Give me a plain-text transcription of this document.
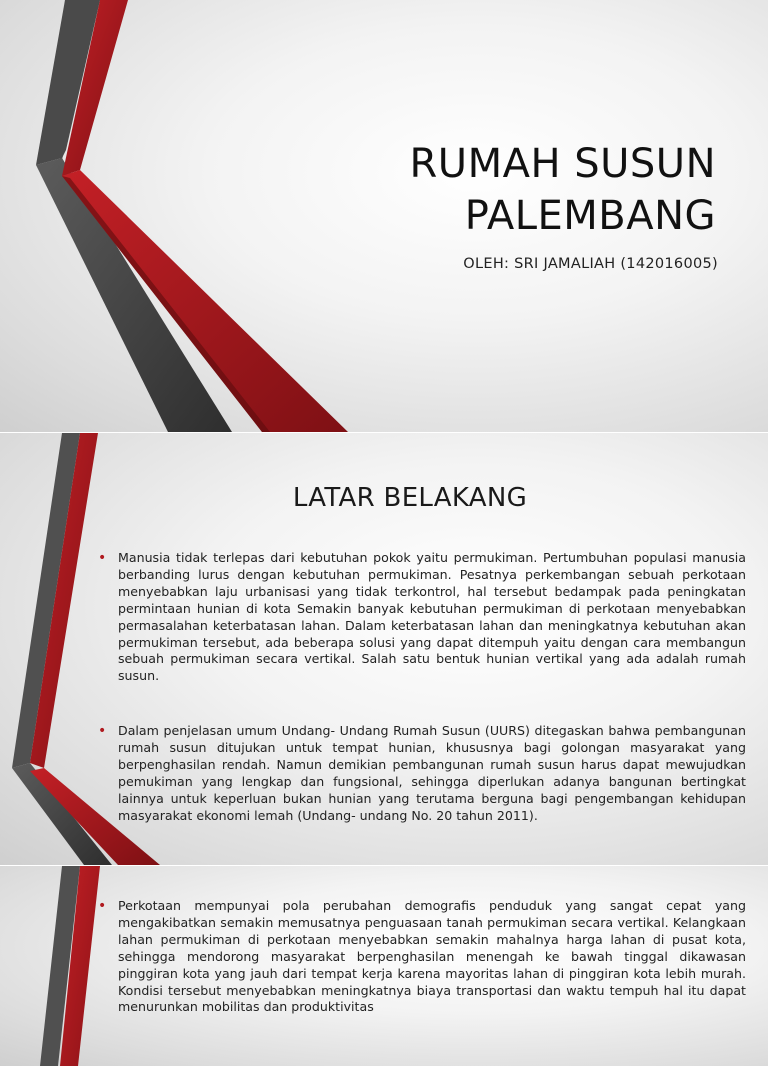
RUMAH SUSUN
PALEMBANG
OLEH: SRI JAMALIAH (142016005)
LATAR BELAKANG
• Manusia tidak terlepas dari kebutuhan pokok yaitu permukiman. Pertumbuhan populasi manusia berbanding lurus dengan kebutuhan permukiman. Pesatnya perkembangan sebuah perkotaan menyebabkan laju urbanisasi yang tidak terkontrol, hal tersebut bedampak pada peningkatan permintaan hunian di kota Semakin banyak kebutuhan permukiman di perkotaan menyebabkan permasalahan keterbatasan lahan. Dalam keterbatasan lahan dan meningkatnya kebutuhan akan permukiman tersebut, ada beberapa solusi yang dapat ditempuh yaitu dengan cara membangun sebuah permukiman secara vertikal. Salah satu bentuk hunian vertikal yang ada adalah rumah susun.

• Dalam penjelasan umum Undang- Undang Rumah Susun (UURS) ditegaskan bahwa pembangunan rumah susun ditujukan untuk tempat hunian, khususnya bagi golongan masyarakat yang berpenghasilan rendah. Namun demikian pembangunan rumah susun harus dapat mewujudkan pemukiman yang lengkap dan fungsional, sehingga diperlukan adanya bangunan bertingkat lainnya untuk keperluan bukan hunian yang terutama berguna bagi pengembangan kehidupan masyarakat ekonomi lemah (Undang- undang No. 20 tahun 2011).

• Perkotaan mempunyai pola perubahan demografis penduduk yang sangat cepat yang mengakibatkan semakin memusatnya penguasaan tanah permukiman secara vertikal. Kelangkaan lahan permukiman di perkotaan menyebabkan semakin mahalnya harga lahan di pusat kota, sehingga mendorong masyarakat berpenghasilan menengah ke bawah tinggal dikawasan pinggiran kota yang jauh dari tempat kerja karena mayoritas lahan di pinggiran kota lebih murah. Kondisi tersebut menyebabkan meningkatnya biaya transportasi dan waktu tempuh hal itu dapat menurunkan mobilitas dan produktivitas
